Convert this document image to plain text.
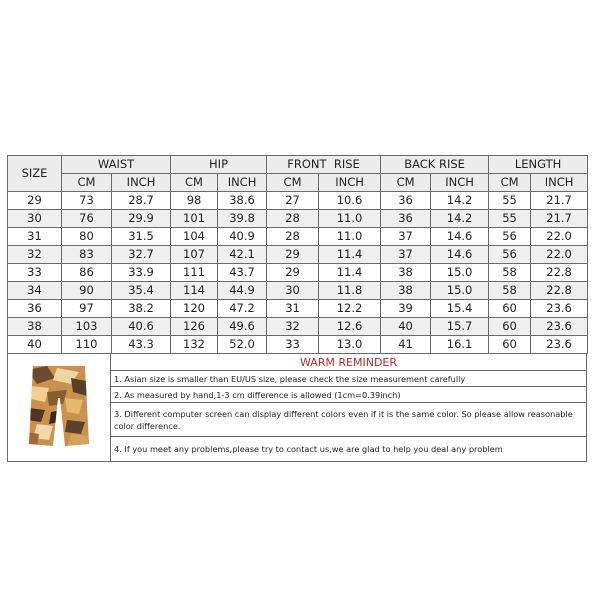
SIZE	WAIST		HIP		FRONT  RISE		BACK RISE		LENGTH	
	CM	INCH	CM	INCH	CM	INCH	CM	INCH	CM	INCH
29	73	28.7	98	38.6	27	10.6	36	14.2	55	21.7
30	76	29.9	101	39.8	28	11.0	36	14.2	55	21.7
31	80	31.5	104	40.9	28	11.0	37	14.6	56	22.0
32	83	32.7	107	42.1	29	11.4	37	14.6	56	22.0
33	86	33.9	111	43.7	29	11.4	38	15.0	58	22.8
34	90	35.4	114	44.9	30	11.8	38	15.0	58	22.8
36	97	38.2	120	47.2	31	12.2	39	15.4	60	23.6
38	103	40.6	126	49.6	32	12.6	40	15.7	60	23.6
40	110	43.3	132	52.0	33	13.0	41	16.1	60	23.6
	WARM REMINDER
1. Asian size is smaller than EU/US size, please check the size measurement carefully
2. As measured by hand,1-3 cm difference is allowed (1cm=0.39inch)
3. Different computer screen can display different colors even if it is the same color. So please allow reasonable color difference.
4. If you meet any problems,please try to contact us,we are glad to help you deal any problem
